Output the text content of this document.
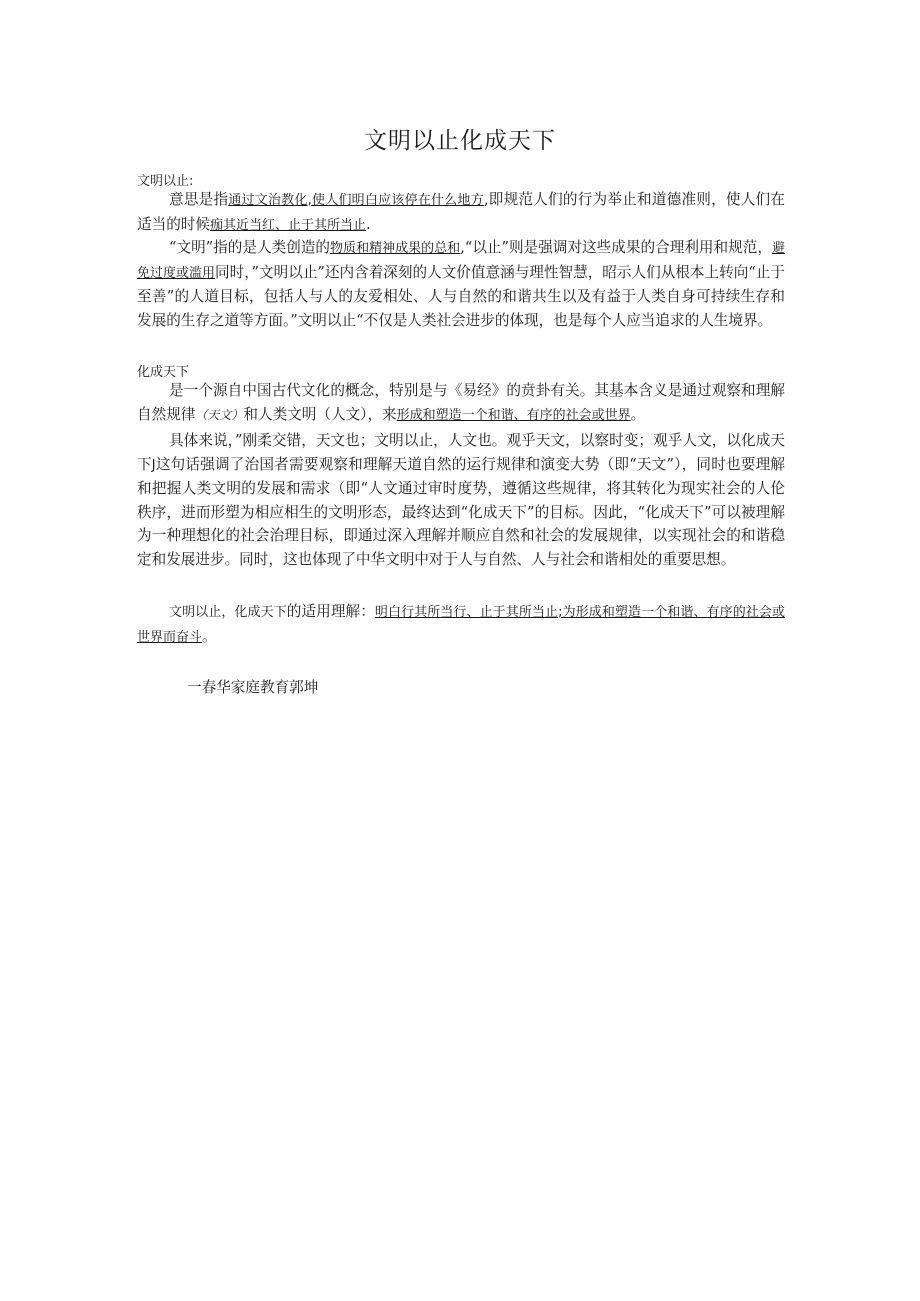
文明以止化成天下
文明以止:

意思是指通过文治教化,使人们明白应该停在什么地方,即规范人们的行为举止和道德准则，使人们在适当的时候痂其近当红、止于其所当止.

“文明”指的是人类创造的物质和精神成果的总和,“以止”则是强调对这些成果的合理利用和规范，避免过度或滥用同时，”文明以止”还内含着深刻的人文价值意涵与理性智慧，昭示人们从根本上转向“止于至善”的人道目标，包括人与人的友爱相处、人与自然的和谐共生以及有益于人类自身可持续生存和发展的生存之道等方面。”文明以止“不仅是人类社会进步的体现，也是每个人应当追求的人生境界。

化成天下

是一个源自中国古代文化的概念，特别是与《易经》的贲卦有关。其基本含义是通过观察和理解自然规律（天文）和人类文明（人文），来形成和塑造一个和谐、有序的社会或世界。

具体来说，”刚柔交错，天文也；文明以止，人文也。观乎天文，以察时变；观乎人文，以化成天下J这句话强调了治国者需要观察和理解天道自然的运行规律和演变大势（即“天文”），同时也要理解和把握人类文明的发展和需求（即“人文通过审时度势，遵循这些规律，将其转化为现实社会的人伦秩序，进而形塑为相应相生的文明形态，最终达到“化成天下”的目标。因此，“化成天下”可以被理解为一种理想化的社会治理目标，即通过深入理解并顺应自然和社会的发展规律，以实现社会的和谐稳定和发展进步。同时，这也体现了中华文明中对于人与自然、人与社会和谐相处的重要思想。

文明以止，化成天下的适用理解：明白行其所当行、止于其所当止;为形成和塑造一个和谐、有序的社会或世界而奋斗。

一春华家庭教育郭坤
